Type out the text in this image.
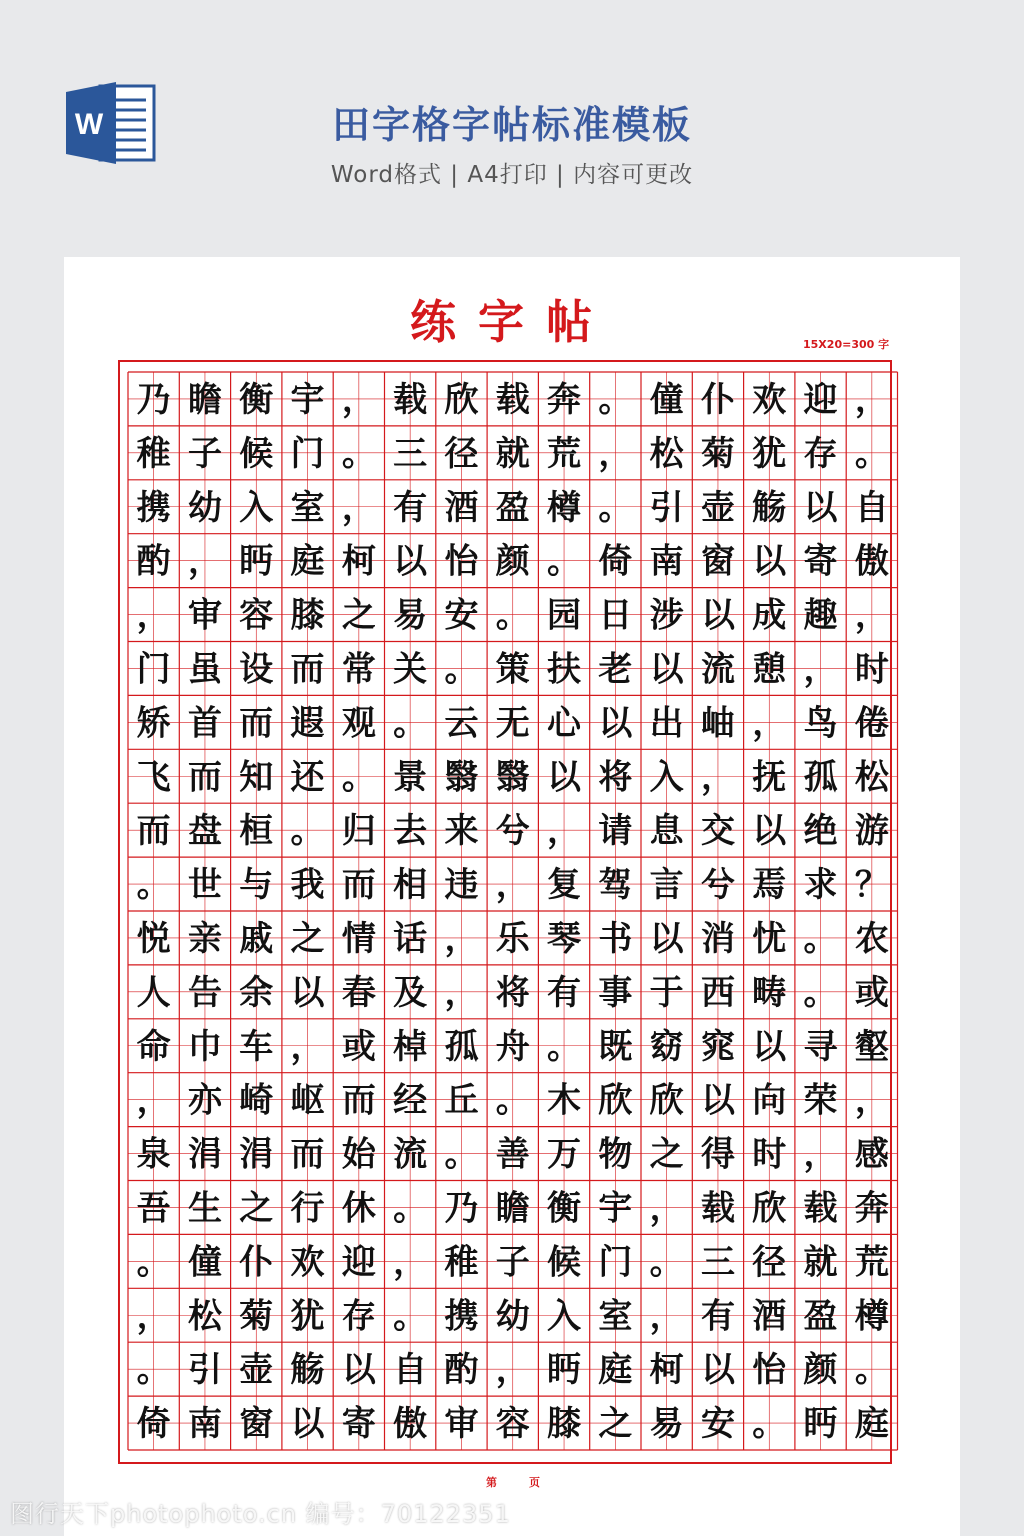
W	田字格字帖标准模板
Word格式 | A4打印 | 内容可更改
练字帖	15X20=300 字
乃 瞻 衡 宇 ， 载 欣 载 奔 。 僮 仆 欢 迎 ，
稚 子 候 门 。 三 径 就 荒 ， 松 菊 犹 存 。
携 幼 入 室 ， 有 酒 盈 樽 。 引 壶 觞 以 自
酌 ， 眄 庭 柯 以 怡 颜 。 倚 南 窗 以 寄 傲
， 审 容 膝 之 易 安 。 园 日 涉 以 成 趣 ，
门 虽 设 而 常 关 。 策 扶 老 以 流 憩 ， 时
矫 首 而 遐 观 。 云 无 心 以 出 岫 ， 鸟 倦
飞 而 知 还 。 景 翳 翳 以 将 入 ， 抚 孤 松
而 盘 桓 。 归 去 来 兮 ， 请 息 交 以 绝 游
。 世 与 我 而 相 违 ， 复 驾 言 兮 焉 求 ？
悦 亲 戚 之 情 话 ， 乐 琴 书 以 消 忧 。 农
人 告 余 以 春 及 ， 将 有 事 于 西 畴 。 或
命 巾 车 ， 或 棹 孤 舟 。 既 窈 窕 以 寻 壑
， 亦 崎 岖 而 经 丘 。 木 欣 欣 以 向 荣 ，
泉 涓 涓 而 始 流 。 善 万 物 之 得 时 ， 感
吾 生 之 行 休 。 乃 瞻 衡 宇 ， 载 欣 载 奔
。 僮 仆 欢 迎 ， 稚 子 候 门 。 三 径 就 荒
， 松 菊 犹 存 。 携 幼 入 室 ， 有 酒 盈 樽
。 引 壶 觞 以 自 酌 ， 眄 庭 柯 以 怡 颜 。
倚 南 窗 以 寄 傲 审 容 膝 之 易 安 。 眄 庭
第	页
图行天下photophoto.cn 编号：70122351
